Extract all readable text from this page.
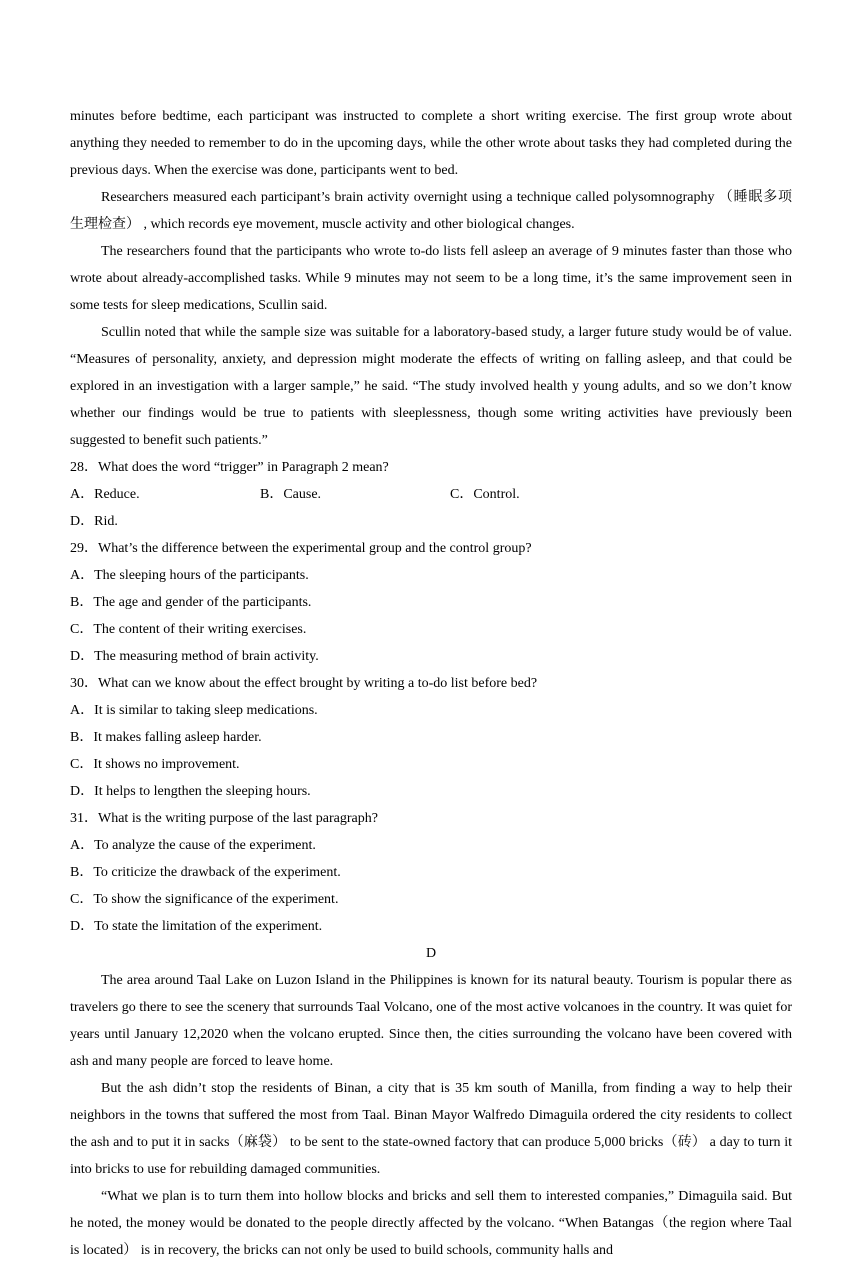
minutes before bedtime, each participant was instructed to complete a short writing exercise. The first group wrote about anything they needed to remember to do in the upcoming days, while the other wrote about tasks they had completed during the previous days. When the exercise was done, participants went to bed.

Researchers measured each participant’s brain activity overnight using a technique called polysomnography （睡眠多项生理检查） , which records eye movement, muscle activity and other biological changes.

The researchers found that the participants who wrote to-do lists fell asleep an average of 9 minutes faster than those who wrote about already-accomplished tasks. While 9 minutes may not seem to be a long time, it’s the same improvement seen in some tests for sleep medications, Scullin said.

Scullin noted that while the sample size was suitable for a laboratory-based study, a larger future study would be of value. “Measures of personality, anxiety, and depression might moderate the effects of writing on falling asleep, and that could be explored in an investigation with a larger sample,” he said. “The study involved health y young adults, and so we don’t know whether our findings would be true to patients with sleeplessness, though some writing activities have previously been suggested to benefit such patients.”

28．What does the word “trigger” in Paragraph 2 mean?

A．Reduce.	B．Cause.	C．Control.
D．Rid.

29．What’s the difference between the experimental group and the control group?

A．The sleeping hours of the participants.
B．The age and gender of the participants.
C．The content of their writing exercises.
D．The measuring method of brain activity.

30．What can we know about the effect brought by writing a to-do list before bed?

A．It is similar to taking sleep medications.
B．It makes falling asleep harder.
C．It shows no improvement.
D．It helps to lengthen the sleeping hours.

31．What is the writing purpose of the last paragraph?

A．To analyze the cause of the experiment.
B．To criticize the drawback of the experiment.
C．To show the significance of the experiment.
D．To state the limitation of the experiment.

D

The area around Taal Lake on Luzon Island in the Philippines is known for its natural beauty. Tourism is popular there as travelers go there to see the scenery that surrounds Taal Volcano, one of the most active volcanoes in the country. It was quiet for years until January 12,2020 when the volcano erupted. Since then, the cities surrounding the volcano have been covered with ash and many people are forced to leave home.

But the ash didn’t stop the residents of Binan, a city that is 35 km south of Manilla, from finding a way to help their neighbors in the towns that suffered the most from Taal. Binan Mayor Walfredo Dimaguila ordered the city residents to collect the ash and to put it in sacks（麻袋） to be sent to the state-owned factory that can produce 5,000 bricks（砖） a day to turn it into bricks to use for rebuilding damaged communities.

“What we plan is to turn them into hollow blocks and bricks and sell them to interested companies,” Dimaguila said. But he noted, the money would be donated to the people directly affected by the volcano. “When Batangas（the region where Taal is located） is in recovery, the bricks can not only be used to build schools, community halls and
